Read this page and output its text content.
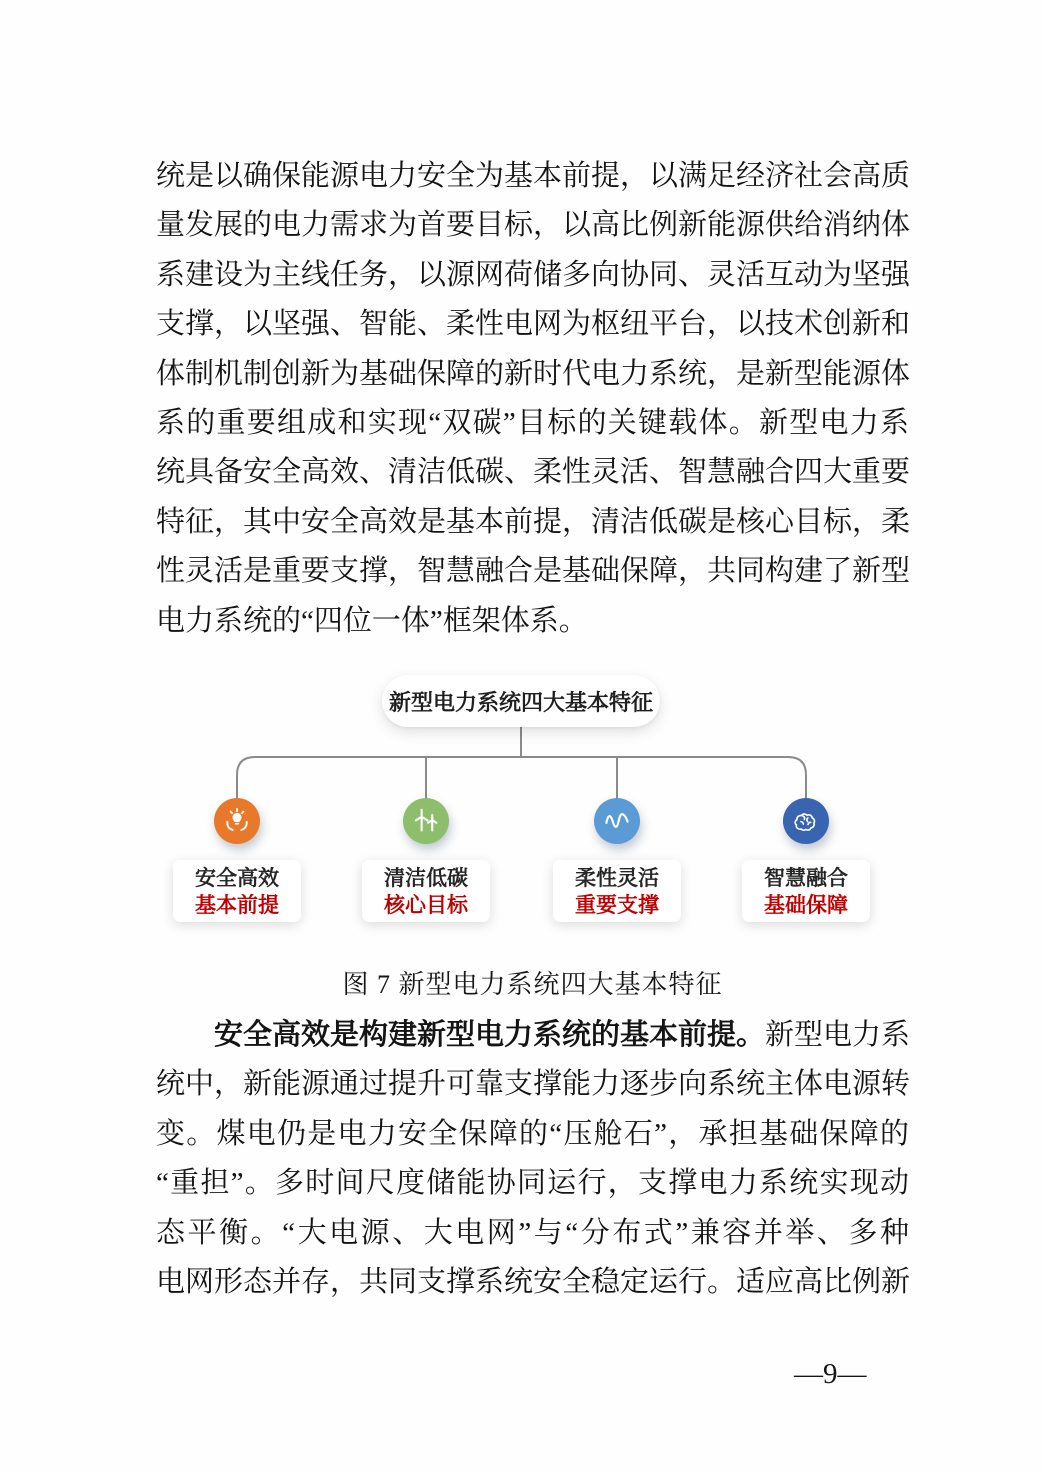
统是以确保能源电力安全为基本前提，以满足经济社会高质
量发展的电力需求为首要目标，以高比例新能源供给消纳体
系建设为主线任务，以源网荷储多向协同、灵活互动为坚强
支撑，以坚强、智能、柔性电网为枢纽平台，以技术创新和
体制机制创新为基础保障的新时代电力系统，是新型能源体
系的重要组成和实现“双碳”目标的关键载体。新型电力系
统具备安全高效、清洁低碳、柔性灵活、智慧融合四大重要
特征，其中安全高效是基本前提，清洁低碳是核心目标，柔
性灵活是重要支撑，智慧融合是基础保障，共同构建了新型
电力系统的“四位一体”框架体系。
新型电力系统四大基本特征
安全高效
基本前提
清洁低碳
核心目标
柔性灵活
重要支撑
智慧融合
基础保障
图 7 新型电力系统四大基本特征
安全高效是构建新型电力系统的基本前提。新型电力系
统中，新能源通过提升可靠支撑能力逐步向系统主体电源转
变。煤电仍是电力安全保障的“压舱石”，承担基础保障的
“重担”。多时间尺度储能协同运行，支撑电力系统实现动
态平衡。“大电源、大电网”与“分布式”兼容并举、多种
电网形态并存，共同支撑系统安全稳定运行。适应高比例新
—9—
